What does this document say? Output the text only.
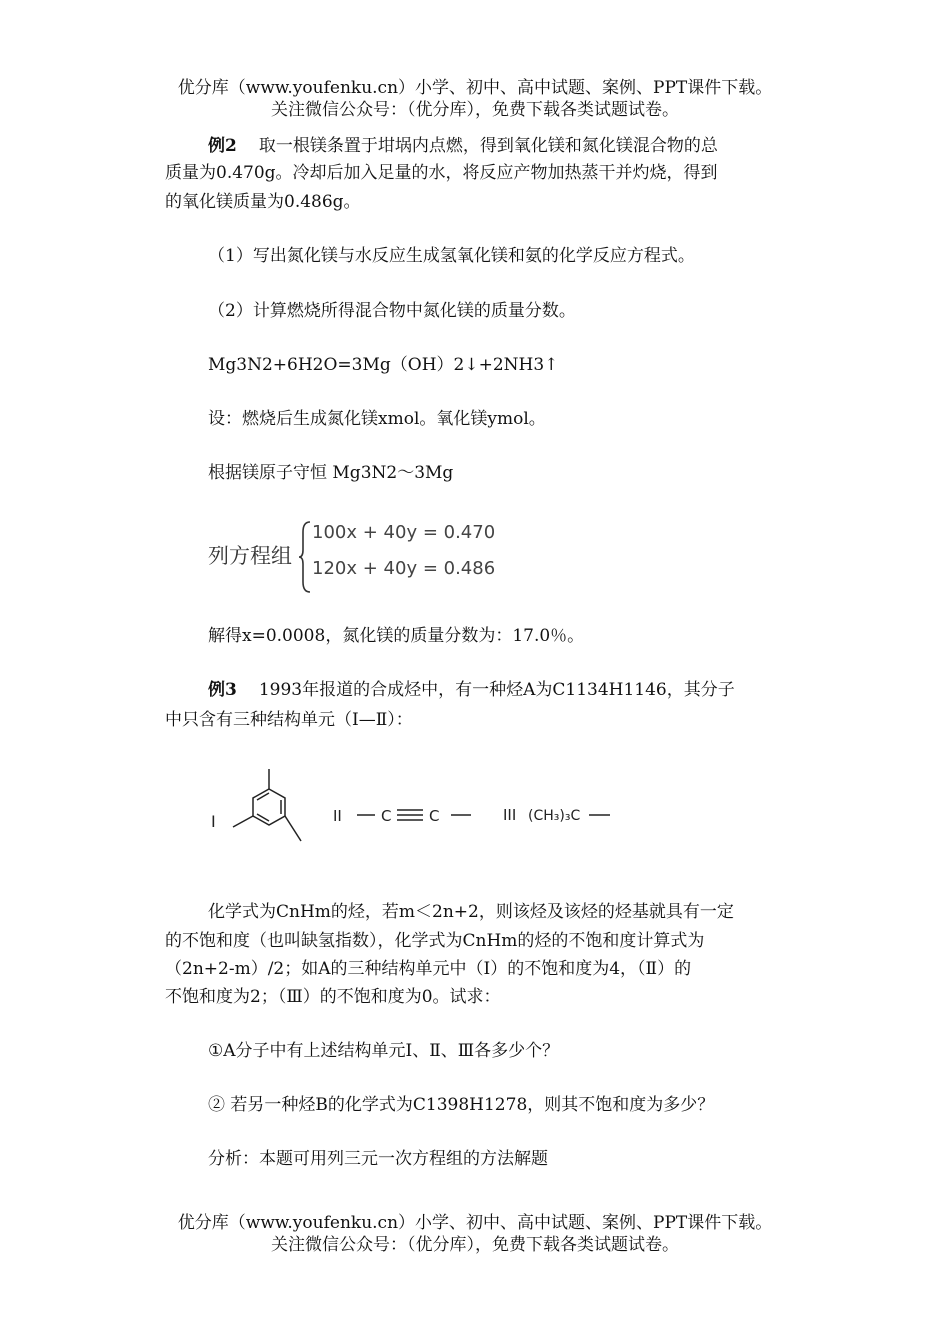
优分库（www.youfenku.cn）小学、初中、高中试题、案例、PPT课件下载。
关注微信公众号：（优分库），免费下载各类试题试卷。
例2 取一根镁条置于坩埚内点燃，得到氧化镁和氮化镁混合物的总
质量为0.470g。冷却后加入足量的水，将反应产物加热蒸干并灼烧，得到
的氧化镁质量为0.486g。
（1）写出氮化镁与水反应生成氢氧化镁和氨的化学反应方程式。
（2）计算燃烧所得混合物中氮化镁的质量分数。
Mg3N2+6H2O=3Mg（OH）2↓+2NH3↑
设：燃烧后生成氮化镁xmol。氧化镁ymol。
根据镁原子守恒 Mg3N2～3Mg
列方程组
100x + 40y = 0.470
120x + 40y = 0.486
解得x=0.0008，氮化镁的质量分数为：17.0％。
例3 1993年报道的合成烃中，有一种烃A为C1134H1146，其分子
中只含有三种结构单元（Ⅰ—Ⅱ）：
I	II	C	C	III (CH₃)₃C
化学式为CnHm的烃，若m＜2n+2，则该烃及该烃的烃基就具有一定
的不饱和度（也叫缺氢指数），化学式为CnHm的烃的不饱和度计算式为
（2n+2-m）/2；如A的三种结构单元中（Ⅰ）的不饱和度为4，（Ⅱ）的
不饱和度为2；（Ⅲ）的不饱和度为0。试求：
①A分子中有上述结构单元Ⅰ、Ⅱ、Ⅲ各多少个？
② 若另一种烃B的化学式为C1398H1278，则其不饱和度为多少？
分析：本题可用列三元一次方程组的方法解题
优分库（www.youfenku.cn）小学、初中、高中试题、案例、PPT课件下载。
关注微信公众号：（优分库），免费下载各类试题试卷。
